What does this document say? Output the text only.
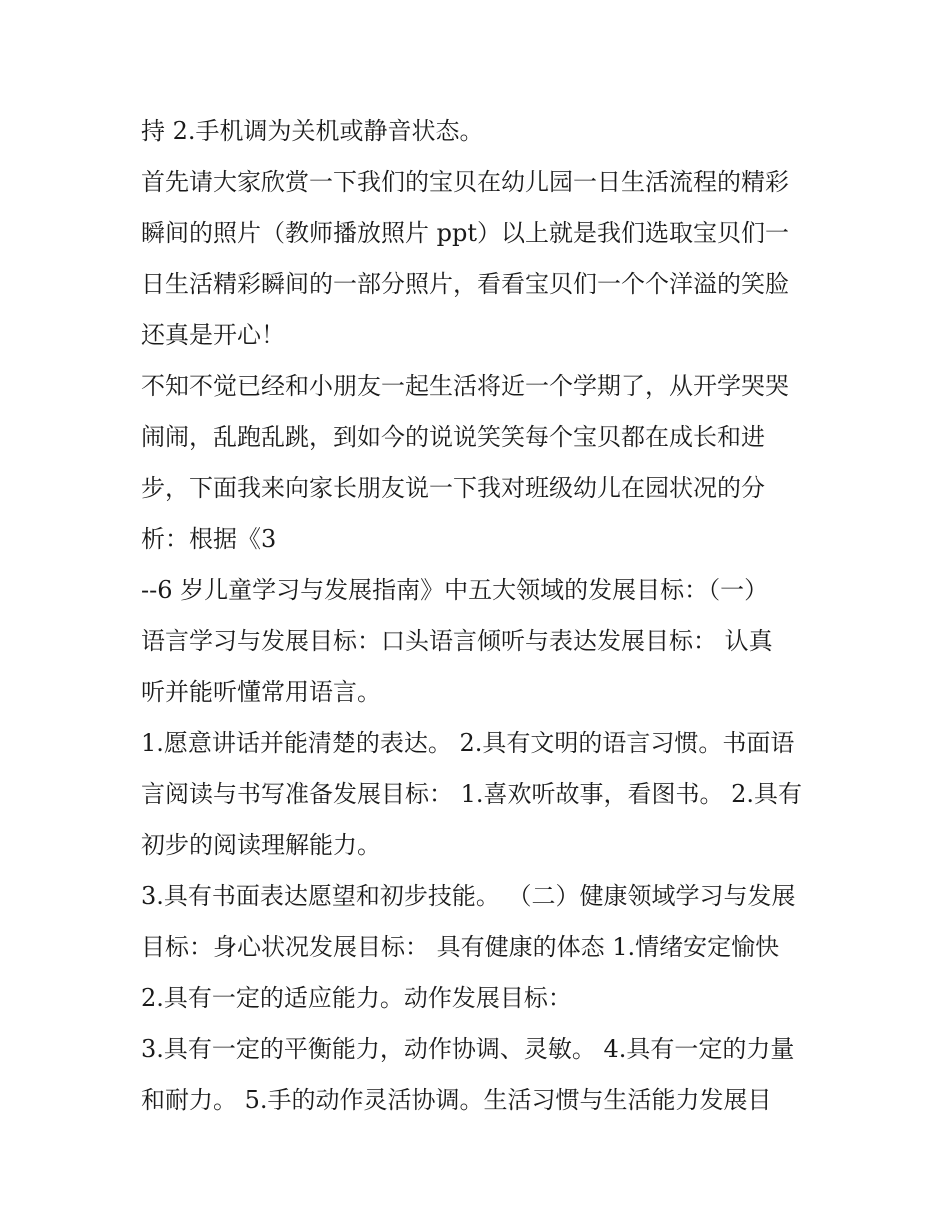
持 2.手机调为关机或静音状态。
首先请大家欣赏一下我们的宝贝在幼儿园一日生活流程的精彩
瞬间的照片（教师播放照片 ppt）以上就是我们选取宝贝们一
日生活精彩瞬间的一部分照片，看看宝贝们一个个洋溢的笑脸
还真是开心！
不知不觉已经和小朋友一起生活将近一个学期了，从开学哭哭
闹闹，乱跑乱跳，到如今的说说笑笑每个宝贝都在成长和进
步，下面我来向家长朋友说一下我对班级幼儿在园状况的分
析：根据《3
--6 岁儿童学习与发展指南》中五大领域的发展目标：（一）
语言学习与发展目标：口头语言倾听与表达发展目标： 认真
听并能听懂常用语言。
1.愿意讲话并能清楚的表达。 2.具有文明的语言习惯。书面语
言阅读与书写准备发展目标： 1.喜欢听故事，看图书。 2.具有
初步的阅读理解能力。
3.具有书面表达愿望和初步技能。 （二）健康领域学习与发展
目标：身心状况发展目标： 具有健康的体态 1.情绪安定愉快
2.具有一定的适应能力。动作发展目标：
3.具有一定的平衡能力，动作协调、灵敏。 4.具有一定的力量
和耐力。 5.手的动作灵活协调。生活习惯与生活能力发展目
